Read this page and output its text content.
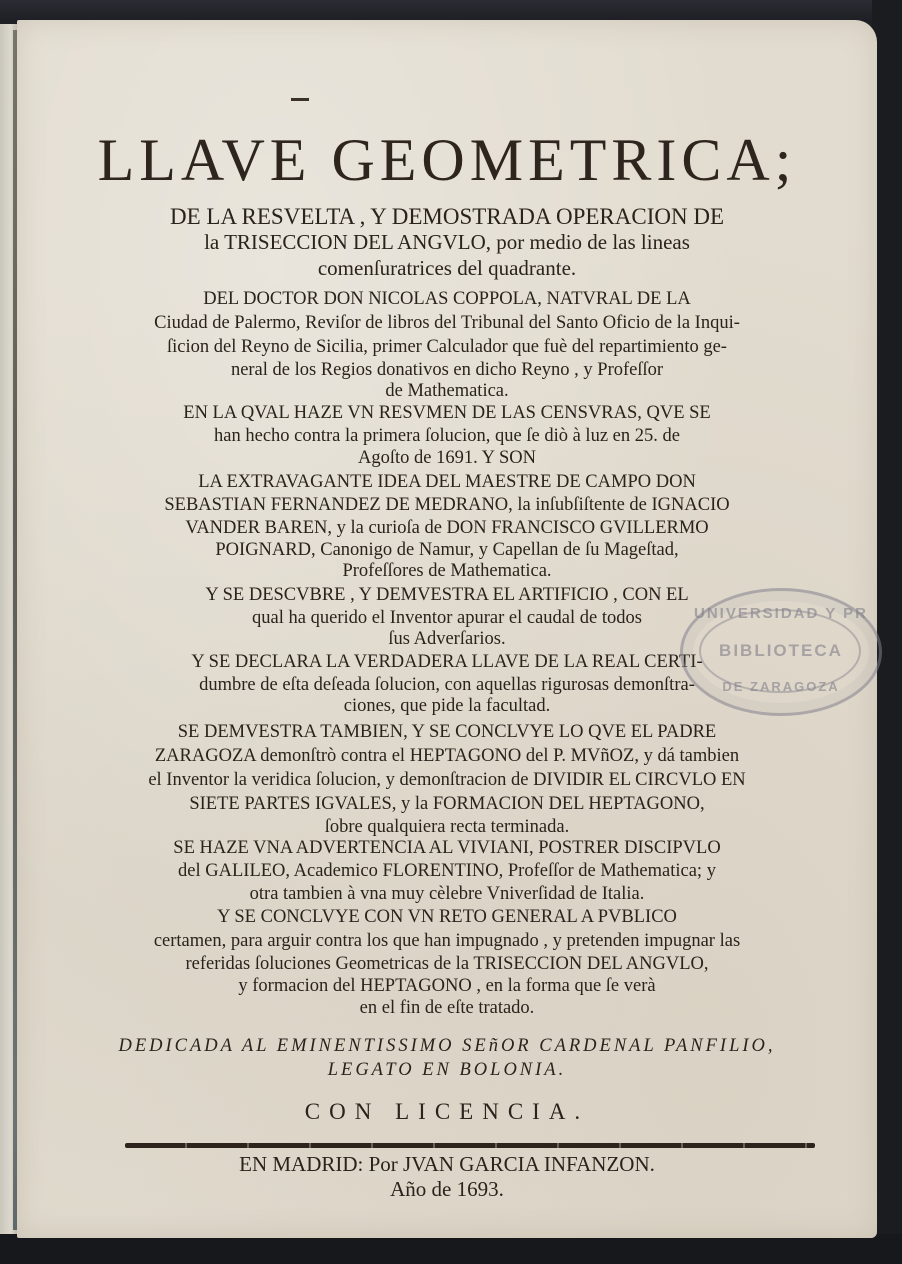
LLAVE GEOMETRICA;
DE LA RESVELTA , Y DEMOSTRADA OPERACION DE
la TRISECCION DEL ANGVLO, por medio de las lineas
comenſuratrices del quadrante.
DEL DOCTOR DON NICOLAS COPPOLA, NATVRAL DE LA
Ciudad de Palermo, Reviſor de libros del Tribunal del Santo Oficio de la Inqui-
ſicion del Reyno de Sicilia, primer Calculador que fuè del repartimiento ge-
neral de los Regios donativos en dicho Reyno , y Profeſſor
de Mathematica.
EN LA QVAL HAZE VN RESVMEN DE LAS CENSVRAS, QVE SE
han hecho contra la primera ſolucion, que ſe diò à luz en 25. de
Agoſto de 1691. Y SON
LA EXTRAVAGANTE IDEA DEL MAESTRE DE CAMPO DON
SEBASTIAN FERNANDEZ DE MEDRANO, la inſubſiſtente de IGNACIO
VANDER BAREN, y la curioſa de DON FRANCISCO GVILLERMO
POIGNARD, Canonigo de Namur, y Capellan de ſu Mageſtad,
Profeſſores de Mathematica.
Y SE DESCVBRE , Y DEMVESTRA EL ARTIFICIO , CON EL
qual ha querido el Inventor apurar el caudal de todos
ſus Adverſarios.
Y SE DECLARA LA VERDADERA LLAVE DE LA REAL CERTI-
dumbre de eſta deſeada ſolucion, con aquellas rigurosas demonſtra-
ciones, que pide la facultad.
SE DEMVESTRA TAMBIEN, Y SE CONCLVYE LO QVE EL PADRE
ZARAGOZA demonſtrò contra el HEPTAGONO del P. MVñOZ, y dá tambien
el Inventor la veridica ſolucion, y demonſtracion de DIVIDIR EL CIRCVLO EN
SIETE PARTES IGVALES, y la FORMACION DEL HEPTAGONO,
ſobre qualquiera recta terminada.
SE HAZE VNA ADVERTENCIA AL VIVIANI, POSTRER DISCIPVLO
del GALILEO, Academico FLORENTINO, Profeſſor de Mathematica; y
otra tambien à vna muy cèlebre Vniverſidad de Italia.
Y SE CONCLVYE CON VN RETO GENERAL A PVBLICO
certamen, para arguir contra los que han impugnado , y pretenden impugnar las
referidas ſoluciones Geometricas de la TRISECCION DEL ANGVLO,
y formacion del HEPTAGONO , en la forma que ſe verà
en el fin de eſte tratado.
DEDICADA AL EMINENTISSIMO SEñOR CARDENAL PANFILIO,
LEGATO EN BOLONIA.
CON LICENCIA.
EN MADRID: Por JVAN GARCIA INFANZON.
Año de 1693.
UNIVERSIDAD Y PR
BIBLIOTECA
DE ZARAGOZA
